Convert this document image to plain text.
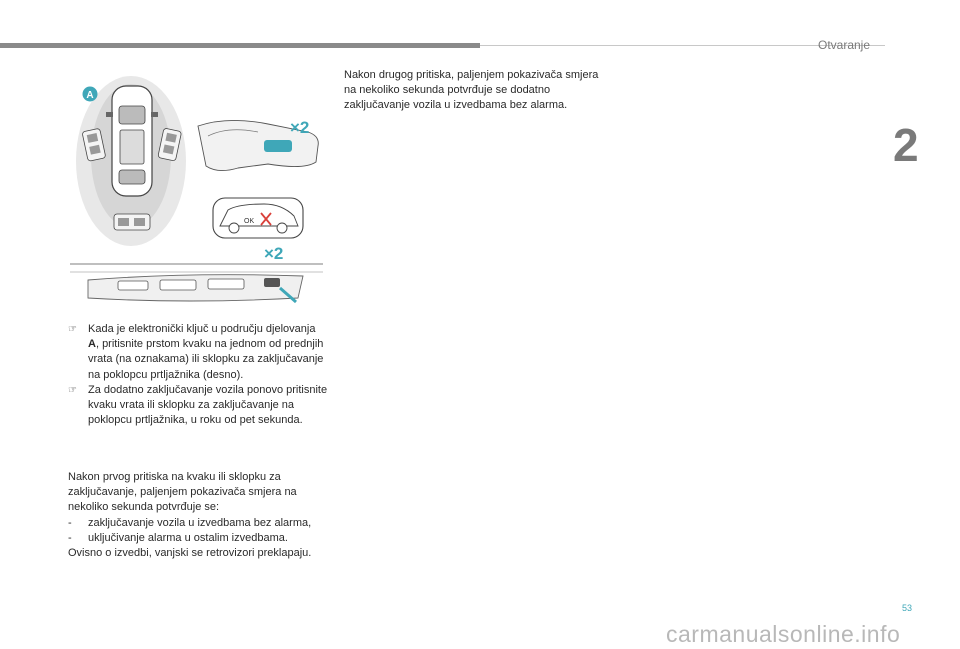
Otvaranje
2
A
×2
OK
×2
☞ Kada je elektronički ključ u području djelovanja A, pritisnite prstom kvaku na jednom od prednjih vrata (na oznakama) ili sklopku za zaključavanje na poklopcu prtljažnika (desno).
☞ Za dodatno zaključavanje vozila ponovo pritisnite kvaku vrata ili sklopku za zaključavanje na poklopcu prtljažnika, u roku od pet sekunda.
Nakon prvog pritiska na kvaku ili sklopku za zaključavanje, paljenjem pokazivača smjera na nekoliko sekunda potvrđuje se:
- zaključavanje vozila u izvedbama bez alarma,
- uključivanje alarma u ostalim izvedbama.
Ovisno o izvedbi, vanjski se retrovizori preklapaju.
Nakon drugog pritiska, paljenjem pokazivača smjera na nekoliko sekunda potvrđuje se dodatno zaključavanje vozila u izvedbama bez alarma.
53
carmanualsonline.info
